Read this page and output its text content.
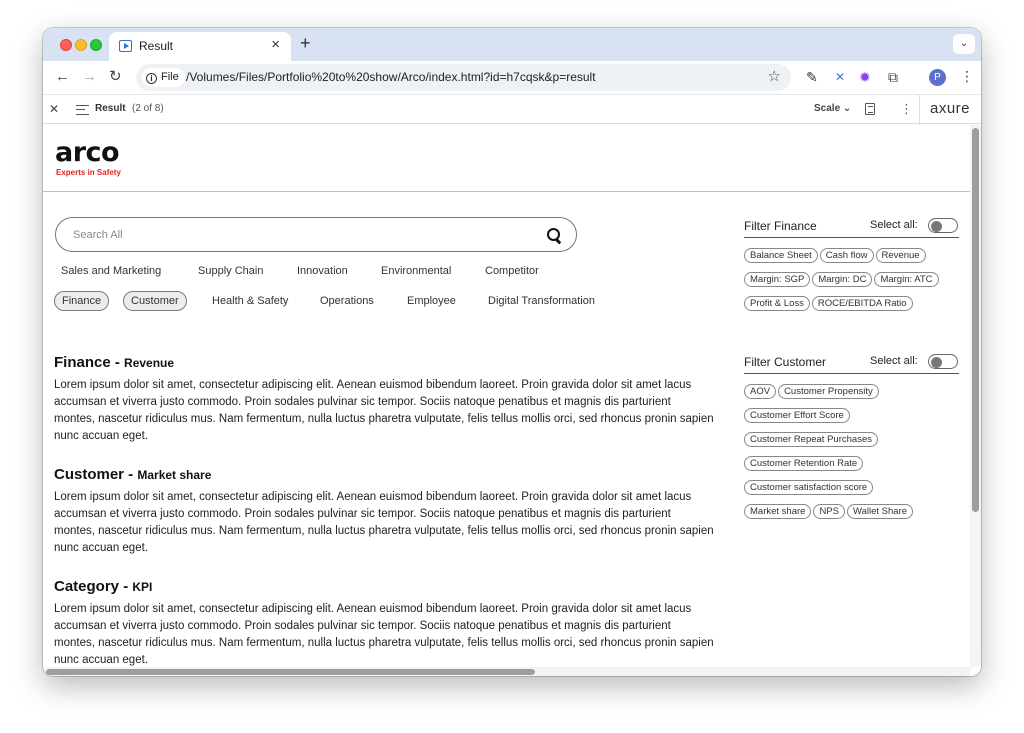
Result	× +	⌄
← → ↻	i File /Volumes/Files/Portfolio%20to%20show/Arco/index.html?id=h7cqsk&p=result	☆ ✎ ✕ ✹ ⧉	P	⋮
✕	Result (2 of 8)	Scale ⌄	⋮ axure
arco
Experts in Safety
Search All
Sales and Marketing	Supply Chain	Innovation	Environmental	Competitor
Finance	Customer	Health & Safety	Operations	Employee	Digital Transformation
Finance - Revenue

Lorem ipsum dolor sit amet, consectetur adipiscing elit. Aenean euismod bibendum laoreet. Proin gravida dolor sit amet lacus accumsan et viverra justo commodo. Proin sodales pulvinar sic tempor. Sociis natoque penatibus et magnis dis parturient montes, nascetur ridiculus mus. Nam fermentum, nulla luctus pharetra vulputate, felis tellus mollis orci, sed rhoncus pronin sapien nunc accuan eget.

Customer - Market share

Lorem ipsum dolor sit amet, consectetur adipiscing elit. Aenean euismod bibendum laoreet. Proin gravida dolor sit amet lacus accumsan et viverra justo commodo. Proin sodales pulvinar sic tempor. Sociis natoque penatibus et magnis dis parturient montes, nascetur ridiculus mus. Nam fermentum, nulla luctus pharetra vulputate, felis tellus mollis orci, sed rhoncus pronin sapien nunc accuan eget.

Category - KPI

Lorem ipsum dolor sit amet, consectetur adipiscing elit. Aenean euismod bibendum laoreet. Proin gravida dolor sit amet lacus accumsan et viverra justo commodo. Proin sodales pulvinar sic tempor. Sociis natoque penatibus et magnis dis parturient montes, nascetur ridiculus mus. Nam fermentum, nulla luctus pharetra vulputate, felis tellus mollis orci, sed rhoncus pronin sapien nunc accuan eget.

Filter Finance	Select all:
Balance Sheet Cash flow RevenueMargin: SGP Margin: DC Margin: ATCProfit & Loss ROCE/EBITDA Ratio
Filter Customer	Select all:
AOV Customer Propensity
Customer Effort Score
Customer Repeat Purchases
Customer Retention Rate
Customer satisfaction score
Market share NPS Wallet Share
